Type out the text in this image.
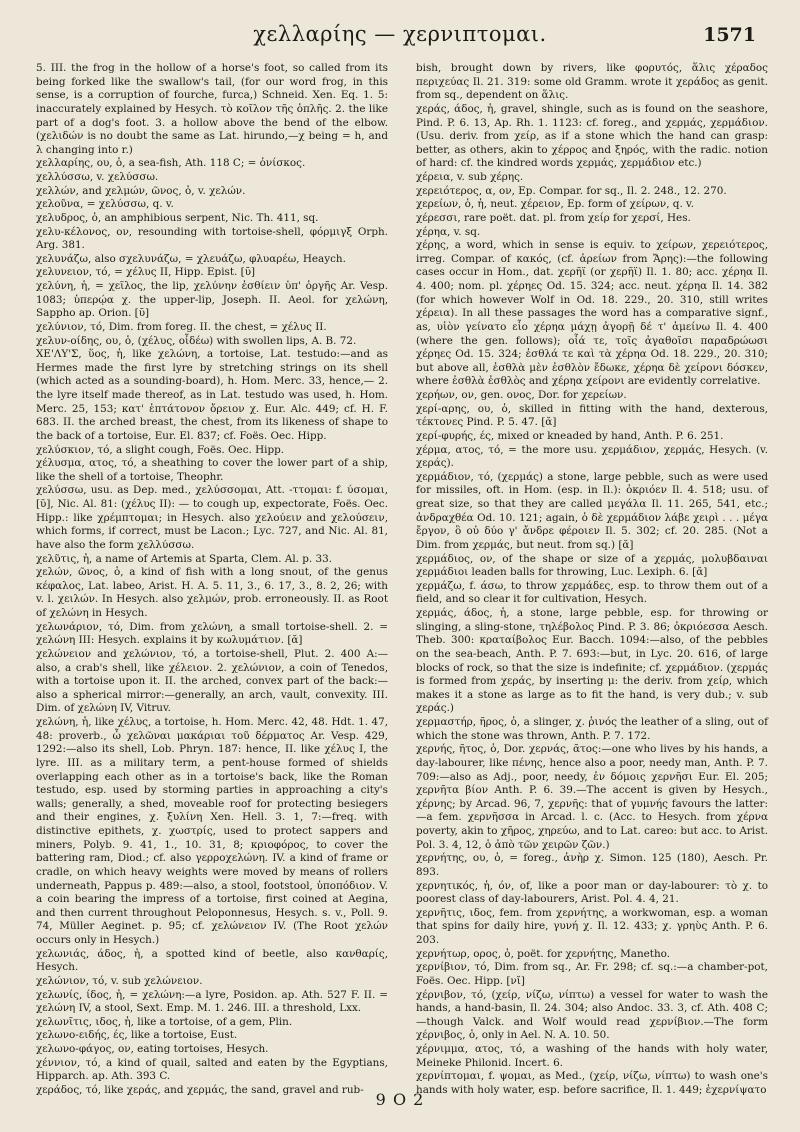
χελλαρίης — χερνιπτομαι.	1571

5. III. the frog in the hollow of a horse's foot, so called from its being forked like the swallow's tail, (for our word frog, in this sense, is a corruption of fourche, furca,) Schneid. Xen. Eq. 1. 5: inaccurately explained by Hesych. τὸ κοῖλον τῆς ὁπλῆς. 2. the like part of a dog's foot. 3. a hollow above the bend of the elbow. (χελιδών is no doubt the same as Lat. hirundo,—χ being = h, and λ changing into r.)

χελλαρίης, ου, ὁ, a sea-fish, Ath. 118 C; = ὀνίσκος.

χελλύσσω, v. χελύσσω.

χελλών, and χελμών, ῶνος, ὁ, v. χελών.

χελοῦνα, = χελύσσω, q. v.

χελυδρος, ὁ, an amphibious serpent, Nic. Th. 411, sq.

χελυ-κέλονος, ον, resounding with tortoise-shell, φόρμιγξ Orph. Arg. 381.

χελυνάζω, also σχελυνάζω, = χλευάζω, φλυαρέω, Heaych.

χελυνειον, τό, = χέλυς II, Hipp. Epist. [ῡ]

χελύνη, ἡ, = χεῖλος, the lip, χελύνην ἐσθίειν ὑπ' ὀργῆς Ar. Vesp. 1083; ὑπερῴα χ. the upper-lip, Joseph. II. Aeol. for χελώνη, Sappho ap. Orion. [ῡ]

χελύνιον, τό, Dim. from foreg. II. the chest, = χέλυς II.

χελυν-οίδης, ου, ὁ, (χέλυς, οἶδέω) with swollen lips, A. B. 72.

ΧΕ'ΛΥ'Σ, ὕος, ἡ, like χελώνη, a tortoise, Lat. testudo:—and as Hermes made the first lyre by stretching strings on its shell (which acted as a sounding-board), h. Hom. Merc. 33, hence,— 2. the lyre itself made thereof, as in Lat. testudo was used, h. Hom. Merc. 25, 153; κατ' ἑπτάτονον ὄρειον χ. Eur. Alc. 449; cf. H. F. 683. II. the arched breast, the chest, from its likeness of shape to the back of a tortoise, Eur. El. 837; cf. Foës. Oec. Hipp.

χελύσκιον, τό, a slight cough, Foës. Oec. Hipp.

χέλυσμα, ατος, τό, a sheathing to cover the lower part of a ship, like the shell of a tortoise, Theophr.

χελύσσω, usu. as Dep. med., χελύσσομαι, Att. -ττομαι: f. ύσομαι, [ῠ], Nic. Al. 81: (χέλυς II): — to cough up, expectorate, Foës. Oec. Hipp.: like χρέμπτομαι; in Hesych. also χελούειν and χελούσειν, which forms, if correct, must be Lacon.; Lyc. 727, and Nic. Al. 81, have also the form χελλύσσω.

χελῦτις, ἡ, a name of Artemis at Sparta, Clem. Al. p. 33.

χελών, ῶνος, ὁ, a kind of fish with a long snout, of the genus κέφαλος, Lat. labeo, Arist. H. A. 5. 11, 3., 6. 17, 3., 8. 2, 26; with v. l. χειλών. In Hesych. also χελμών, prob. erroneously. II. as Root of χελώνη in Hesych.

χελωνάριον, τό, Dim. from χελώνη, a small tortoise-shell. 2. = χελώνη III: Hesych. explains it by κωλυμάτιον. [ᾰ]

χελώνειον and χελώνιον, τό, a tortoise-shell, Plut. 2. 400 A:— also, a crab's shell, like χέλειον. 2. χελώνιον, a coin of Tenedos, with a tortoise upon it. II. the arched, convex part of the back:—also a spherical mirror:—generally, an arch, vault, convexity. III. Dim. of χελώνη IV, Vitruv.

χελώνη, ἡ, like χέλυς, a tortoise, h. Hom. Merc. 42, 48. Hdt. 1. 47, 48: proverb., ὦ χελῶναι μακάριαι τοῦ δέρματος Ar. Vesp. 429, 1292:—also its shell, Lob. Phryn. 187: hence, II. like χέλυς I, the lyre. III. as a military term, a pent-house formed of shields overlapping each other as in a tortoise's back, like the Roman testudo, esp. used by storming parties in approaching a city's walls; generally, a shed, moveable roof for protecting besiegers and their engines, χ. ξυλίνη Xen. Hell. 3. 1, 7:—freq. with distinctive epithets, χ. χωστρίς, used to protect sappers and miners, Polyb. 9. 41, 1., 10. 31, 8; κριοφόρος, to cover the battering ram, Diod.; cf. also γερροχελώνη. IV. a kind of frame or cradle, on which heavy weights were moved by means of rollers underneath, Pappus p. 489:—also, a stool, footstool, ὑποπόδιον. V. a coin bearing the impress of a tortoise, first coined at Aegina, and then current throughout Peloponnesus, Hesych. s. v., Poll. 9. 74, Müller Aeginet. p. 95; cf. χελώνειον IV. (The Root χελών occurs only in Hesych.)

χελωνιάς, άδος, ἡ, a spotted kind of beetle, also κανθαρίς, Hesych.

χελώνιον, τό, v. sub χελώνειον.

χελωνίς, ίδος, ἡ, = χελώνη:—a lyre, Posidon. ap. Ath. 527 F. II. = χελώνη IV, a stool, Sext. Emp. M. 1. 246. III. a threshold, Lxx.

χελωνῖτις, ιδος, ἡ, like a tortoise, of a gem, Plin.

χελωνο-ειδής, ές, like a tortoise, Eust.

χελωνο-φάγος, ον, eating tortoises, Hesych.

χέννιον, τό, a kind of quail, salted and eaten by the Egyptians, Hipparch. ap. Ath. 393 C.

χεράδος, τό, like χεράς, and χερμάς, the sand, gravel and rub-

bish, brought down by rivers, like φορυτός, ἅλις χέραδος περιχεύας Il. 21. 319: some old Gramm. wrote it χεράδος as genit. from sq., dependent on ἅλις.

χεράς, άδος, ἡ, gravel, shingle, such as is found on the seashore, Pind. P. 6. 13, Ap. Rh. 1. 1123: cf. foreg., and χερμάς, χερμάδιον. (Usu. deriv. from χείρ, as if a stone which the hand can grasp: better, as others, akin to χέρρος and ξηρός, with the radic. notion of hard: cf. the kindred words χερμάς, χερμάδιον etc.)

χέρεια, v. sub χέρης.

χερειότερος, α, ον, Ep. Compar. for sq., Il. 2. 248., 12. 270.

χερείων, ὁ, ἡ, neut. χέρειον, Ep. form of χείρων, q. v.

χέρεσσι, rare poët. dat. pl. from χείρ for χερσί, Hes.

χέρηα, v. sq.

χέρης, a word, which in sense is equiv. to χείρων, χερειότερος, irreg. Compar. of κακός, (cf. ἀρείων from Ἄρης):—the following cases occur in Hom., dat. χερῆϊ (or χερῆϊ) Il. 1. 80; acc. χέρηα Il. 4. 400; nom. pl. χέρηες Od. 15. 324; acc. neut. χέρηα Il. 14. 382 (for which however Wolf in Od. 18. 229., 20. 310, still writes χέρεια). In all these passages the word has a comparative signf., as, υἱὸν γείνατο εἷο χέρηα μάχῃ ἀγορῇ δέ τ' ἀμείνω Il. 4. 400 (where the gen. follows); οἷά τε, τοῖς ἀγαθοῖσι παραδρώωσι χέρηες Od. 15. 324; ἐσθλά τε καὶ τὰ χέρηα Od. 18. 229., 20. 310; but above all, ἐσθλὰ μὲν ἐσθλὸν ἔδωκε, χέρηα δὲ χείρονι δόσκεν, where ἐσθλὰ ἐσθλὸς and χέρηα χείρονι are evidently correlative.

χερήων, ον, gen. ονος, Dor. for χερείων.

χερί-αρης, ου, ὁ, skilled in fitting with the hand, dexterous, τέκτονες Pind. P. 5. 47. [ᾰ]

χερί-φυρής, ές, mixed or kneaded by hand, Anth. P. 6. 251.

χέρμα, ατος, τό, = the more usu. χερμάδιον, χερμάς, Hesych. (v. χεράς).

χερμάδιον, τό, (χερμάς) a stone, large pebble, such as were used for missiles, oft. in Hom. (esp. in Il.): ὀκριόεν Il. 4. 518; usu. of great size, so that they are called μεγάλα Il. 11. 265, 541, etc.; ἀνδραχθέα Od. 10. 121; again, ὁ δὲ χερμάδιον λάβε χειρὶ . . . μέγα ἔργον, ὃ οὐ δύο γ' ἄνδρε φέροιεν Il. 5. 302; cf. 20. 285. (Not a Dim. from χερμάς, but neut. from sq.) [ᾰ]

χερμάδιος, ον, of the shape or size of a χερμάς, μολυβδαιναι χερμάδιοι leaden balls for throwing, Luc. Lexiph. 6. [ᾰ]

χερμάζω, f. άσω, to throw χερμάδες, esp. to throw them out of a field, and so clear it for cultivation, Hesych.

χερμάς, άδος, ἡ, a stone, large pebble, esp. for throwing or slinging, a sling-stone, τηλέβολος Pind. P. 3. 86; ὀκριόεσσα Aesch. Theb. 300: κραταίβολος Eur. Bacch. 1094:—also, of the pebbles on the sea-beach, Anth. P. 7. 693:—but, in Lyc. 20. 616, of large blocks of rock, so that the size is indefinite; cf. χερμάδιον. (χερμάς is formed from χεράς, by inserting μ: the deriv. from χείρ, which makes it a stone as large as to fit the hand, is very dub.; v. sub χεράς.)

χερμαστήρ, ῆρος, ὁ, a slinger, χ. ῥινός the leather of a sling, out of which the stone was thrown, Anth. P. 7. 172.

χερνής, ῆτος, ὁ, Dor. χερνάς, ᾶτος:—one who lives by his hands, a day-labourer, like πένης, hence also a poor, needy man, Anth. P. 7. 709:—also as Adj., poor, needy, ἐν δόμοις χερνῆσι Eur. El. 205; χερνῆτα βίον Anth. P. 6. 39.—The accent is given by Hesych., χέρνης; by Arcad. 96, 7, χερνῆς: that of γυμνής favours the latter:—a fem. χερνῆσσα in Arcad. l. c. (Acc. to Hesych. from χέρνα poverty, akin to χῆρος, χηρεύω, and to Lat. careo: but acc. to Arist. Pol. 3. 4, 12, ὁ ἀπὸ τῶν χειρῶν ζῶν.)

χερνήτης, ου, ὁ, = foreg., ἀνὴρ χ. Simon. 125 (180), Aesch. Pr. 893.

χερνητικός, ἡ, όν, of, like a poor man or day-labourer: τὸ χ. to poorest class of day-labourers, Arist. Pol. 4. 4, 21.

χερνῆτις, ιδος, fem. from χερνήτης, a workwoman, esp. a woman that spins for daily hire, γυνή χ. Il. 12. 433; χ. γρηὺς Anth. P. 6. 203.

χερνήτωρ, ορος, ὁ, poët. for χερνήτης, Manetho.

χερνίβιον, τό, Dim. from sq., Ar. Fr. 298; cf. sq.:—a chamber-pot, Foës. Oec. Hipp. [νῐ]

χέρνιβον, τό, (χείρ, νίζω, νίπτω) a vessel for water to wash the hands, a hand-basin, Il. 24. 304; also Andoc. 33. 3, cf. Ath. 408 C;—though Valck. and Wolf would read χερνίβιον.—The form χέρνιβος, ὁ, only in Ael. N. A. 10. 50.

χέρνιμμα, ατος, τό, a washing of the hands with holy water, Meineke Philonid. Incert. 6.

χερνίπτομαι, f. ψομαι, as Med., (χείρ, νίζω, νίπτω) to wash one's hands with holy water, esp. before sacrifice, Il. 1. 449; ἐχερνίψατο

9 O 2
